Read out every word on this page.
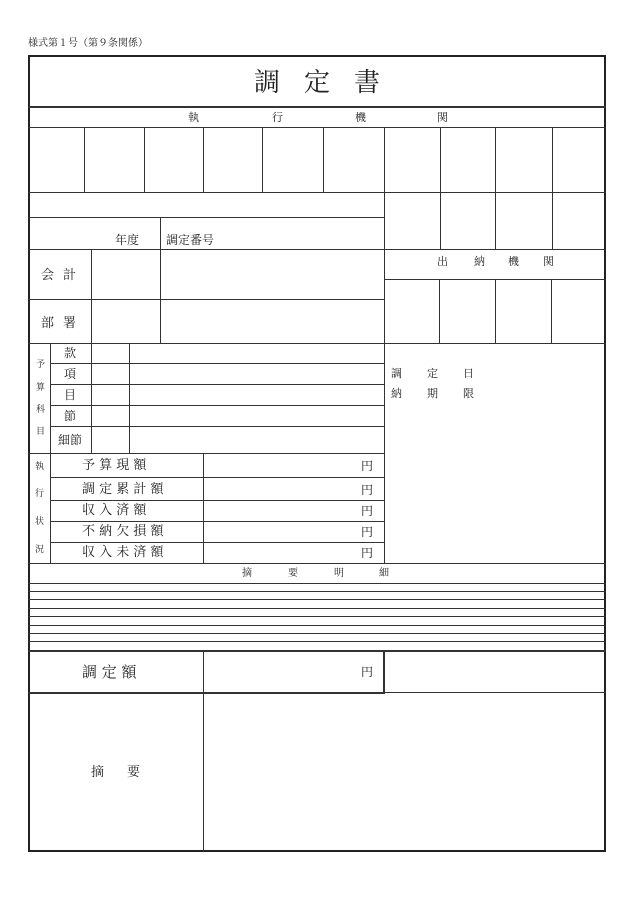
様式第１号（第９条関係）
調 定 書
執	行	機	関
年度 調定番号
出 納 機 関
会 計
部 署
予
算
科
目
款
項
目
節
細節
調 定 日
納 期 限
執
行
状
況
予 算 現 額	円
調 定 累 計 額	円
収 入 済 額	円
不 納 欠 損 額	円
収 入 未 済 額	円
摘	要	明	細
調 定 額	円
摘 要
